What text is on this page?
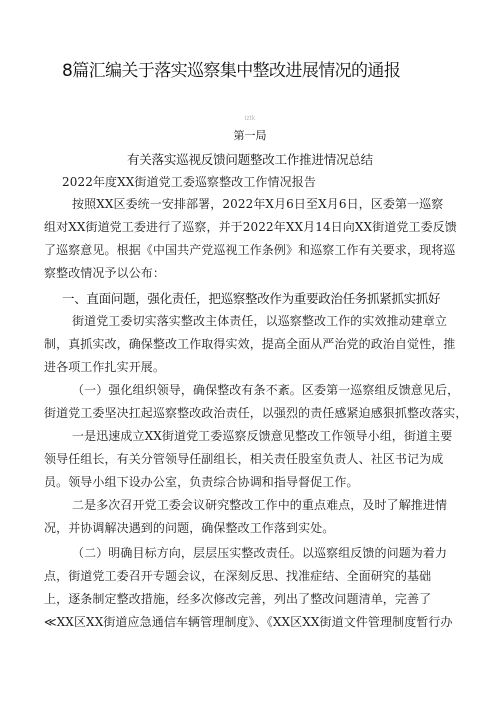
8篇汇编关于落实巡察集中整改进展情况的通报
Iztk
第一局
有关落实巡视反馈问题整改工作推进情况总结
2022年度XX街道党工委巡察整改工作情况报告
按照XX区委统一安排部署，2022年X月6日至X月6日，区委第一巡察
组对XX街道党工委进行了巡察，并于2022年XX月14日向XX街道党工委反馈
了巡察意见。根据《中国共产党巡视工作条例》和巡察工作有关要求，现将巡
察整改情况予以公布：
一、直面问题，强化责任，把巡察整改作为重要政治任务抓紧抓实抓好
街道党工委切实落实整改主体责任，以巡察整改工作的实效推动建章立
制，真抓实改，确保整改工作取得实效，提高全面从严治党的政治自觉性，推
进各项工作扎实开展。
（一）强化组织领导，确保整改有条不紊。区委第一巡察组反馈意见后，
街道党工委坚决扛起巡察整改政治责任，以强烈的责任感紧迫感狠抓整改落实，
一是迅速成立XX街道党工委巡察反馈意见整改工作领导小组，街道主要
领导任组长，有关分管领导任副组长，相关责任股室负责人、社区书记为成
员。领导小组下设办公室，负责综合协调和指导督促工作。
二是多次召开党工委会议研究整改工作中的重点难点，及时了解推进情
况，并协调解决遇到的问题，确保整改工作落到实处。
（二）明确目标方向，层层压实整改责任。以巡察组反馈的问题为着力
点，街道党工委召开专题会议，在深刻反思、找准症结、全面研究的基础
上，逐条制定整改措施，经多次修改完善，列出了整改问题清单，完善了
≪XX区XX街道应急通信车辆管理制度》、《XX区XX街道文件管理制度暂行办
